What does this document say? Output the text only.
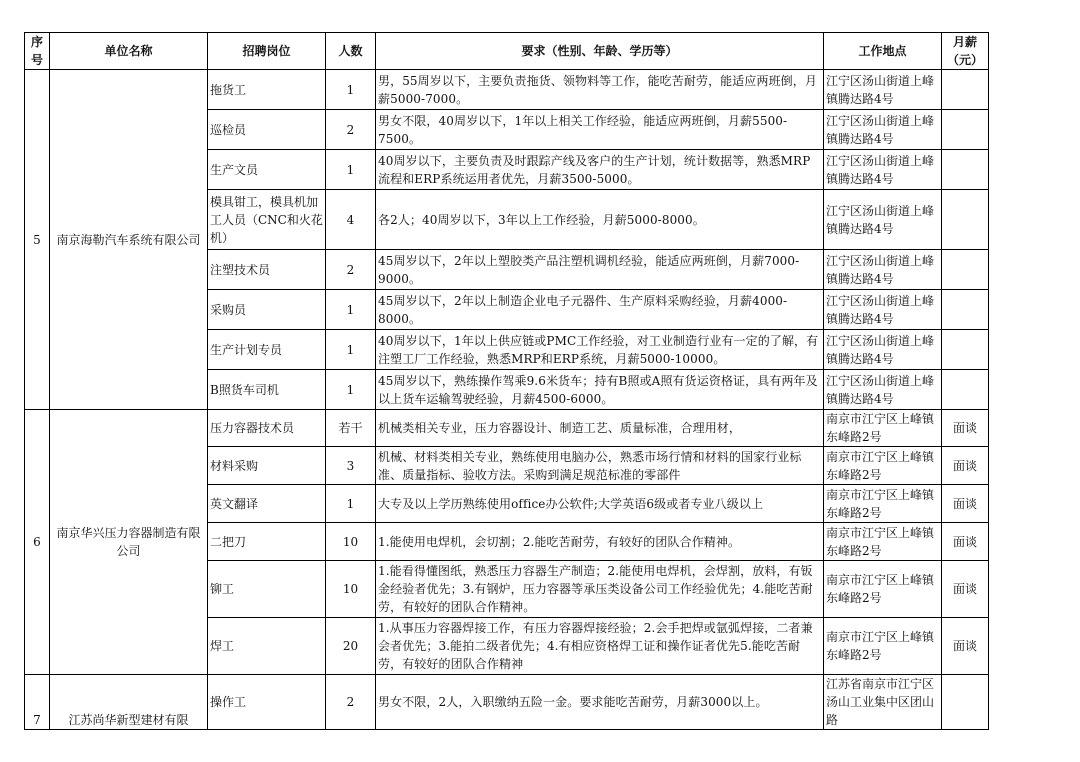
序号	单位名称	招聘岗位	人数	要求（性别、年龄、学历等）	工作地点	月薪（元）
5	南京海勒汽车系统有限公司	拖货工	1	男，55周岁以下，主要负责拖货、领物料等工作，能吃苦耐劳，能适应两班倒，月薪5000-7000。	江宁区汤山街道上峰镇腾达路4号	
		巡检员	2	男女不限，40周岁以下，1年以上相关工作经验，能适应两班倒，月薪5500-7500。	江宁区汤山街道上峰镇腾达路4号	
		生产文员	1	40周岁以下，主要负责及时跟踪产线及客户的生产计划，统计数据等，熟悉MRP流程和ERP系统运用者优先，月薪3500-5000。	江宁区汤山街道上峰镇腾达路4号	
		模具钳工，模具机加工人员（CNC和火花机）	4	各2人；40周岁以下，3年以上工作经验，月薪5000-8000。	江宁区汤山街道上峰镇腾达路4号	
		注塑技术员	2	45周岁以下，2年以上塑胶类产品注塑机调机经验，能适应两班倒，月薪7000-9000。	江宁区汤山街道上峰镇腾达路4号	
		采购员	1	45周岁以下，2年以上制造企业电子元器件、生产原料采购经验，月薪4000-8000。	江宁区汤山街道上峰镇腾达路4号	
		生产计划专员	1	40周岁以下，1年以上供应链或PMC工作经验，对工业制造行业有一定的了解，有注塑工厂工作经验，熟悉MRP和ERP系统，月薪5000-10000。	江宁区汤山街道上峰镇腾达路4号	
		B照货车司机	1	45周岁以下，熟练操作驾乘9.6米货车；持有B照或A照有货运资格证，具有两年及以上货车运输驾驶经验，月薪4500-6000。	江宁区汤山街道上峰镇腾达路4号	
6	南京华兴压力容器制造有限公司	压力容器技术员	若干	机械类相关专业，压力容器设计、制造工艺、质量标准，合理用材，	南京市江宁区上峰镇东峰路2号	面谈
		材料采购	3	机械、材料类相关专业，熟练使用电脑办公，熟悉市场行情和材料的国家行业标准、质量指标、验收方法。采购到满足规范标准的零部件	南京市江宁区上峰镇东峰路2号	面谈
		英文翻译	1	大专及以上学历熟练使用office办公软件;大学英语6级或者专业八级以上	南京市江宁区上峰镇东峰路2号	面谈
		二把刀	10	1.能使用电焊机，会切割；2.能吃苦耐劳，有较好的团队合作精神。	南京市江宁区上峰镇东峰路2号	面谈
		铆工	10	1.能看得懂图纸，熟悉压力容器生产制造；2.能使用电焊机，会焊割，放料，有钣金经验者优先；3.有钢炉，压力容器等承压类设备公司工作经验优先；4.能吃苦耐劳，有较好的团队合作精神。	南京市江宁区上峰镇东峰路2号	面谈
		焊工	20	1.从事压力容器焊接工作，有压力容器焊接经验；2.会手把焊或氩弧焊接，二者兼会者优先；3.能拍二级者优先；4.有相应资格焊工证和操作证者优先5.能吃苦耐劳，有较好的团队合作精神	南京市江宁区上峰镇东峰路2号	面谈
7	江苏尚华新型建材有限	操作工	2	男女不限，2人，入职缴纳五险一金。要求能吃苦耐劳，月薪3000以上。	江苏省南京市江宁区汤山工业集中区团山路	
